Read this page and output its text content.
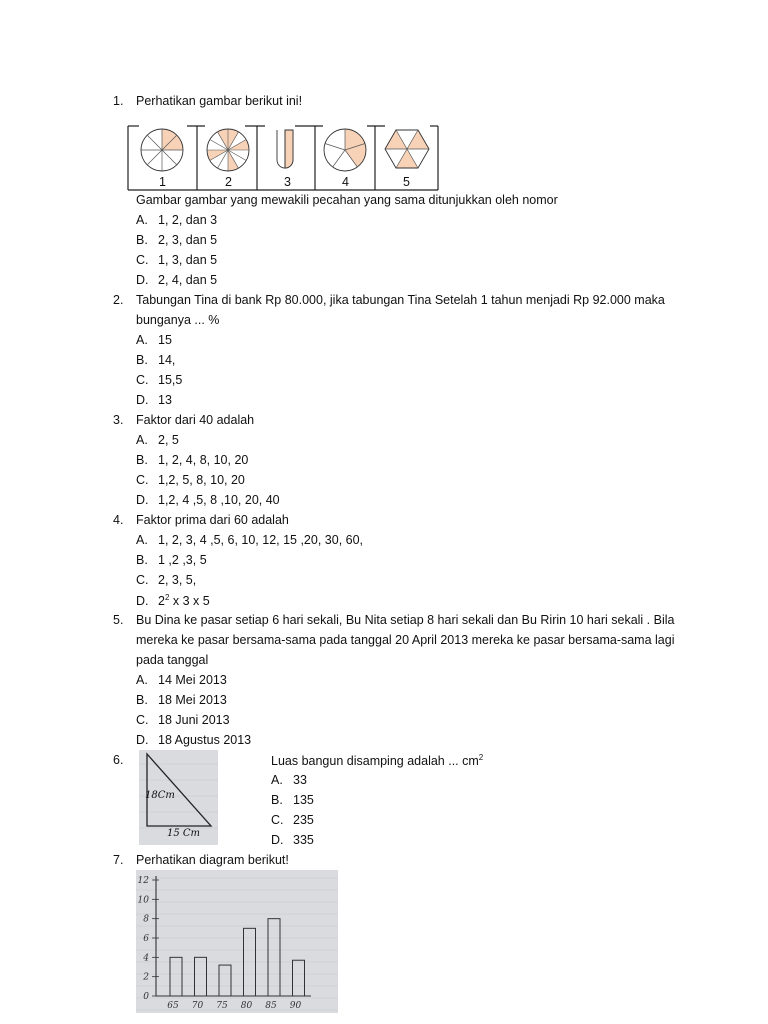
1. Perhatikan gambar berikut ini!
1	2	3	4	5
Gambar gambar yang mewakili pecahan yang sama ditunjukkan oleh nomor
A. 1, 2, dan 3
B. 2, 3, dan 5
C. 1, 3, dan 5
D. 2, 4, dan 5
2. Tabungan Tina di bank Rp 80.000, jika tabungan Tina Setelah 1 tahun menjadi Rp 92.000 maka
bunganya ... %
A. 15
B. 14,
C. 15,5
D. 13
3. Faktor dari 40 adalah
A. 2, 5
B. 1, 2, 4, 8, 10, 20
C. 1,2, 5, 8, 10, 20
D. 1,2, 4 ,5, 8 ,10, 20, 40
4. Faktor prima dari 60 adalah
A. 1, 2, 3, 4 ,5, 6, 10, 12, 15 ,20, 30, 60,
B. 1 ,2 ,3, 5
C. 2, 3, 5,
D. $2^2$ x 3 x 5
5. Bu Dina ke pasar setiap 6 hari sekali, Bu Nita setiap 8 hari sekali dan Bu Ririn 10 hari sekali . Bila
mereka ke pasar bersama-sama pada tanggal 20 April 2013 mereka ke pasar bersama-sama lagi
pada tanggal
A. 14 Mei 2013
B. 18 Mei 2013
C. 18 Juni 2013
D. 18 Agustus 2013
6.
18Cm
15 Cm
Luas bangun disamping adalah ... $cm^2$
A. 33
B. 135
C. 235
D. 335
7. Perhatikan diagram berikut!
0
2
4
6
8
10
12
65 70 75 80 85 90
